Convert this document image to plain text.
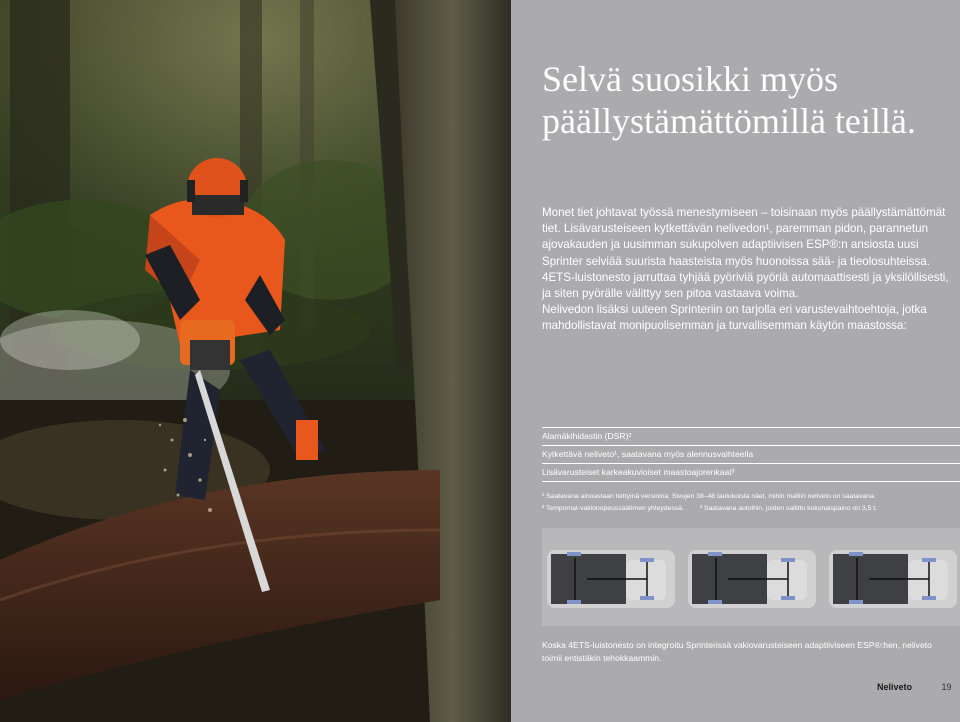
Selvä suosikki myös
päällystämättömillä teillä.

Monet tiet johtavat työssä menestymiseen – toisinaan myös päällystämättömät tiet. Lisävarusteiseen kytkettävän nelivedon¹, paremman pidon, parannetun ajovakauden ja uusimman sukupolven adaptiivisen ESP®:n ansiosta uusi Sprinter selviää suurista haasteista myös huonoissa sää- ja tieolosuhteissa. 4ETS-luistonesto jarruttaa tyhjää pyöriviä pyöriä automaattisesti ja yksilöllisesti, ja siten pyörälle välittyy sen pitoa vastaava voima.

Nelivedon lisäksi uuteen Sprinteriin on tarjolla eri varustevaihtoehtoja, jotka mahdollistavat monipuolisemman ja turvallisemman käytön maastossa:

Alamäkihidastin (DSR)²
Kytkettävä neliveto¹, saatavana myös alennusvaihteella
Lisävarusteiset karkeakuvioiset maastoajorenkaat³
¹ Saatavana ainoastaan tiettyinä versioina. Sivujen 38–48 taulukoista näet, mihin malliin neliveto on saatavana.
² Tempomat-vakionopeussäätimen yhteydessä. ³ Saatavana autoihin, joiden sallittu kokonaispaino on 3,5 t.

Koska 4ETS-luistonesto on integroitu Sprinterissä vakiovarusteiseen adaptiiviseen ESP®:hen, neliveto toimii entistäkin tehokkaammin.

Neliveto	19
